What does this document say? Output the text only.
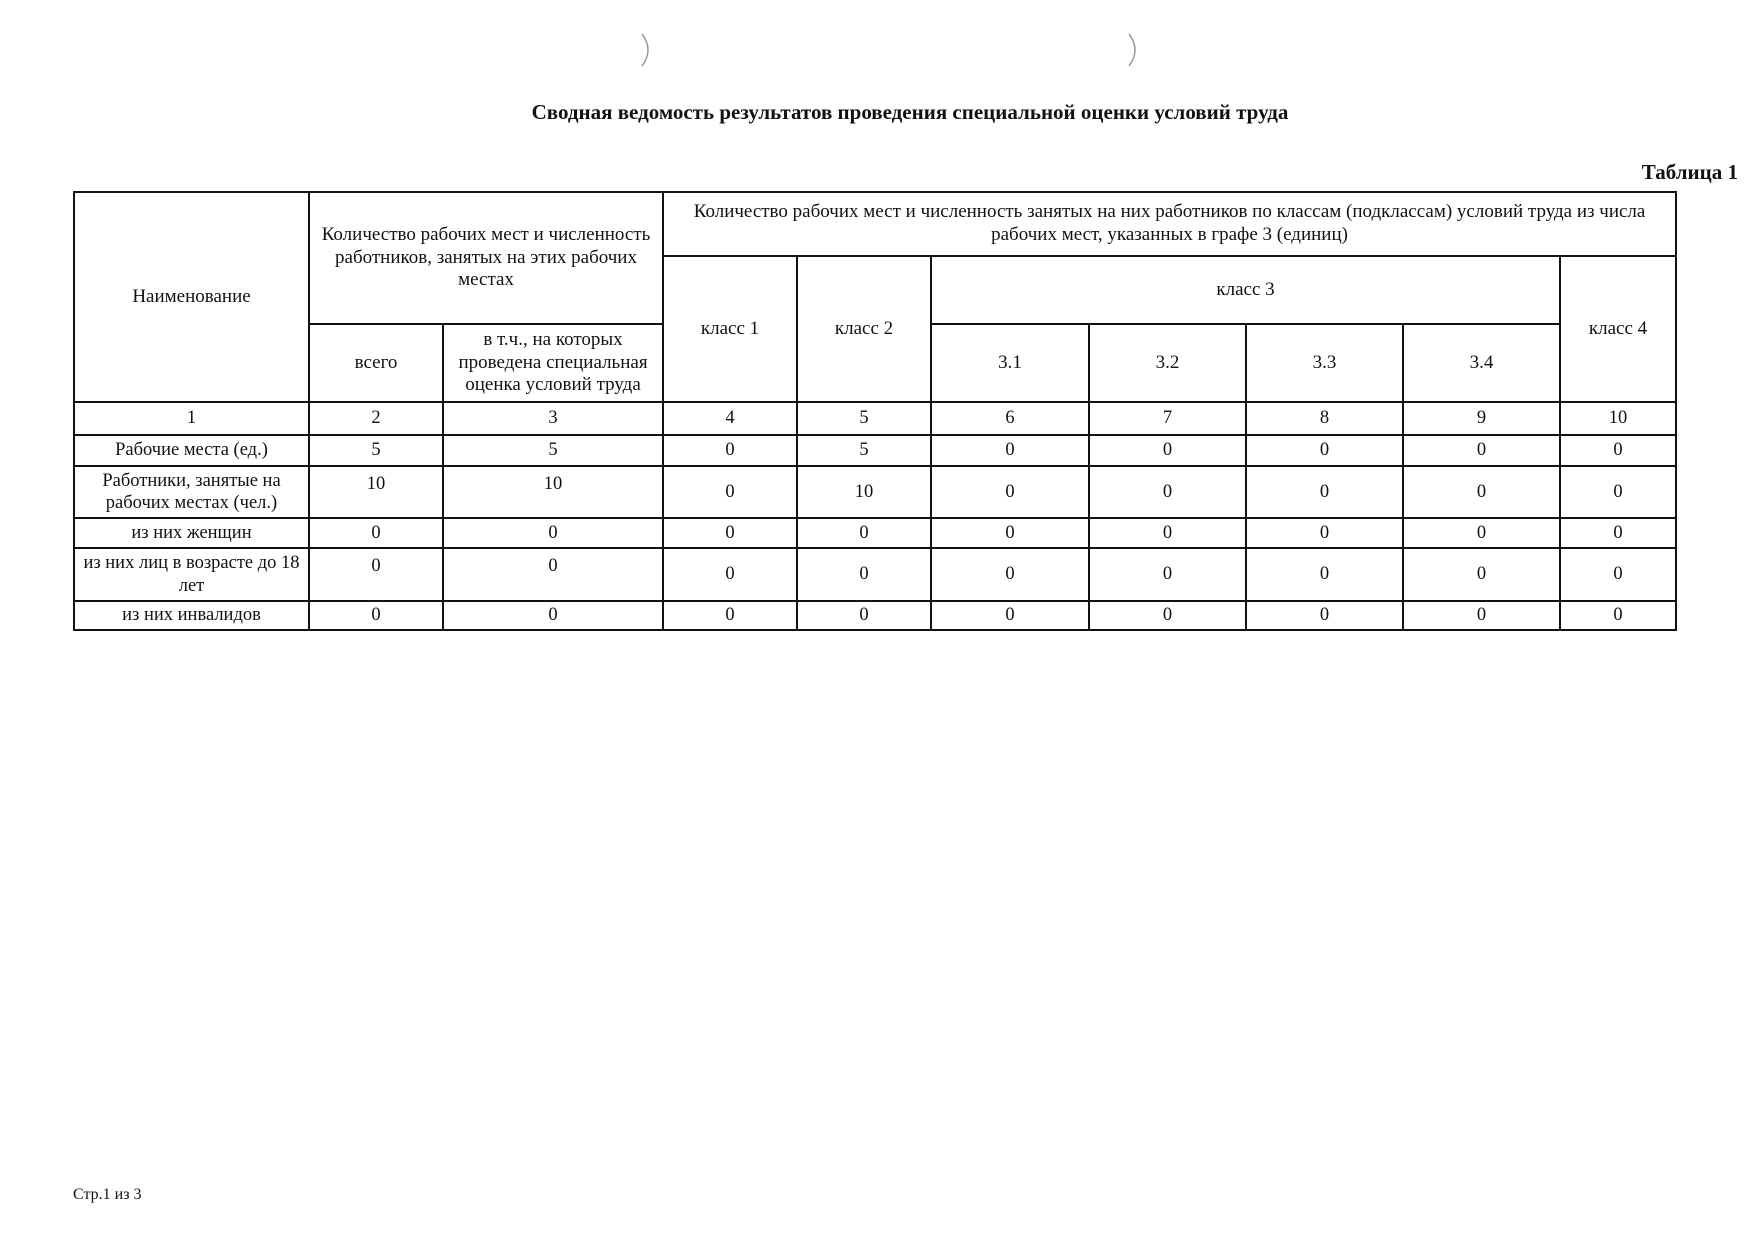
Сводная ведомость результатов проведения специальной оценки условий труда
Таблица 1
Наименование	Количество рабочих мест и численность работников, занятых на этих рабочих местах		Количество рабочих мест и численность занятых на них работников по классам (подклассам) условий труда из числа рабочих мест, указанных в графе 3 (единиц)						
			класс 1	класс 2	класс 3				класс 4
	всего	в т.ч., на которых проведена специальная оценка условий труда			3.1	3.2	3.3	3.4	
1	2	3	4	5	6	7	8	9	10
Рабочие места (ед.)	5	5	0	5	0	0	0	0	0
Работники, занятые на рабочих местах (чел.)	10	10	0	10	0	0	0	0	0
из них женщин	0	0	0	0	0	0	0	0	0
из них лиц в возрасте до 18 лет	0	0	0	0	0	0	0	0	0
из них инвалидов	0	0	0	0	0	0	0	0	0
Стр.1 из 3
